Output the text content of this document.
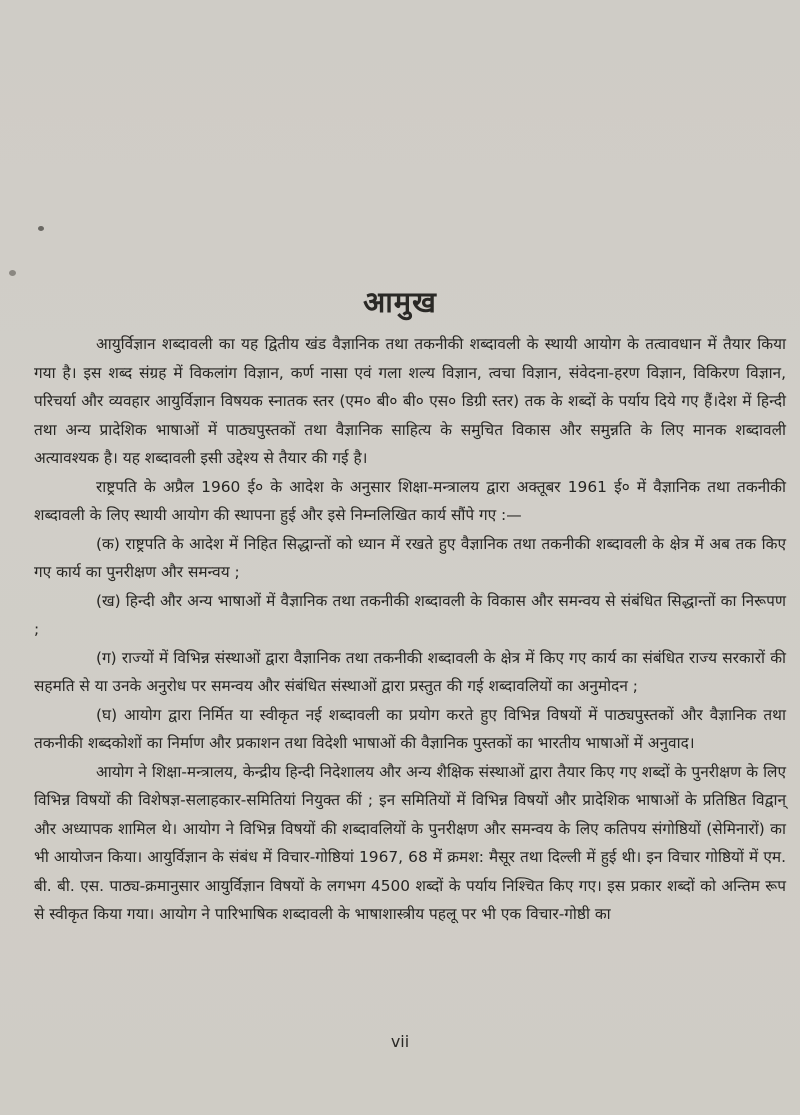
आमुख

आयुर्विज्ञान शब्दावली का यह द्वितीय खंड वैज्ञानिक तथा तकनीकी शब्दावली के स्थायी आयोग के तत्वावधान में तैयार किया गया है। इस शब्द संग्रह में विकलांग विज्ञान, कर्ण नासा एवं गला शल्य विज्ञान, त्वचा विज्ञान, संवेदना-हरण विज्ञान, विकिरण विज्ञान, परिचर्या और व्यवहार आयुर्विज्ञान विषयक स्नातक स्तर (एम० बी० बी० एस० डिग्री स्तर) तक के शब्दों के पर्याय दिये गए हैं।देश में हिन्दी तथा अन्य प्रादेशिक भाषाओं में पाठ्यपुस्तकों तथा वैज्ञानिक साहित्य के समुचित विकास और समुन्नति के लिए मानक शब्दावली अत्यावश्यक है। यह शब्दावली इसी उद्देश्य से तैयार की गई है।

राष्ट्रपति के अप्रैल 1960 ई० के आदेश के अनुसार शिक्षा-मन्त्रालय द्वारा अक्तूबर 1961 ई० में वैज्ञानिक तथा तकनीकी शब्दावली के लिए स्थायी आयोग की स्थापना हुई और इसे निम्नलिखित कार्य सौंपे गए :—

(क) राष्ट्रपति के आदेश में निहित सिद्धान्तों को ध्यान में रखते हुए वैज्ञानिक तथा तकनीकी शब्दावली के क्षेत्र में अब तक किए गए कार्य का पुनरीक्षण और समन्वय ;

(ख) हिन्दी और अन्य भाषाओं में वैज्ञानिक तथा तकनीकी शब्दावली के विकास और समन्वय से संबंधित सिद्धान्तों का निरूपण ;

(ग) राज्यों में विभिन्न संस्थाओं द्वारा वैज्ञानिक तथा तकनीकी शब्दावली के क्षेत्र में किए गए कार्य का संबंधित राज्य सरकारों की सहमति से या उनके अनुरोध पर समन्वय और संबंधित संस्थाओं द्वारा प्रस्तुत की गई शब्दावलियों का अनुमोदन ;

(घ) आयोग द्वारा निर्मित या स्वीकृत नई शब्दावली का प्रयोग करते हुए विभिन्न विषयों में पाठ्यपुस्तकों और वैज्ञानिक तथा तकनीकी शब्दकोशों का निर्माण और प्रकाशन तथा विदेशी भाषाओं की वैज्ञानिक पुस्तकों का भारतीय भाषाओं में अनुवाद।

आयोग ने शिक्षा-मन्त्रालय, केन्द्रीय हिन्दी निदेशालय और अन्य शैक्षिक संस्थाओं द्वारा तैयार किए गए शब्दों के पुनरीक्षण के लिए विभिन्न विषयों की विशेषज्ञ-सलाहकार-समितियां नियुक्त कीं ; इन समितियों में विभिन्न विषयों और प्रादेशिक भाषाओं के प्रतिष्ठित विद्वान् और अध्यापक शामिल थे। आयोग ने विभिन्न विषयों की शब्दावलियों के पुनरीक्षण और समन्वय के लिए कतिपय संगोष्ठियों (सेमिनारों) का भी आयोजन किया। आयुर्विज्ञान के संबंध में विचार-गोष्ठियां 1967, 68 में क्रमश: मैसूर तथा दिल्ली में हुई थी। इन विचार गोष्ठियों में एम. बी. बी. एस. पाठ्य-क्रमानुसार आयुर्विज्ञान विषयों के लगभग 4500 शब्दों के पर्याय निश्चित किए गए। इस प्रकार शब्दों को अन्तिम रूप से स्वीकृत किया गया। आयोग ने पारिभाषिक शब्दावली के भाषाशास्त्रीय पहलू पर भी एक विचार-गोष्ठी का

vii
